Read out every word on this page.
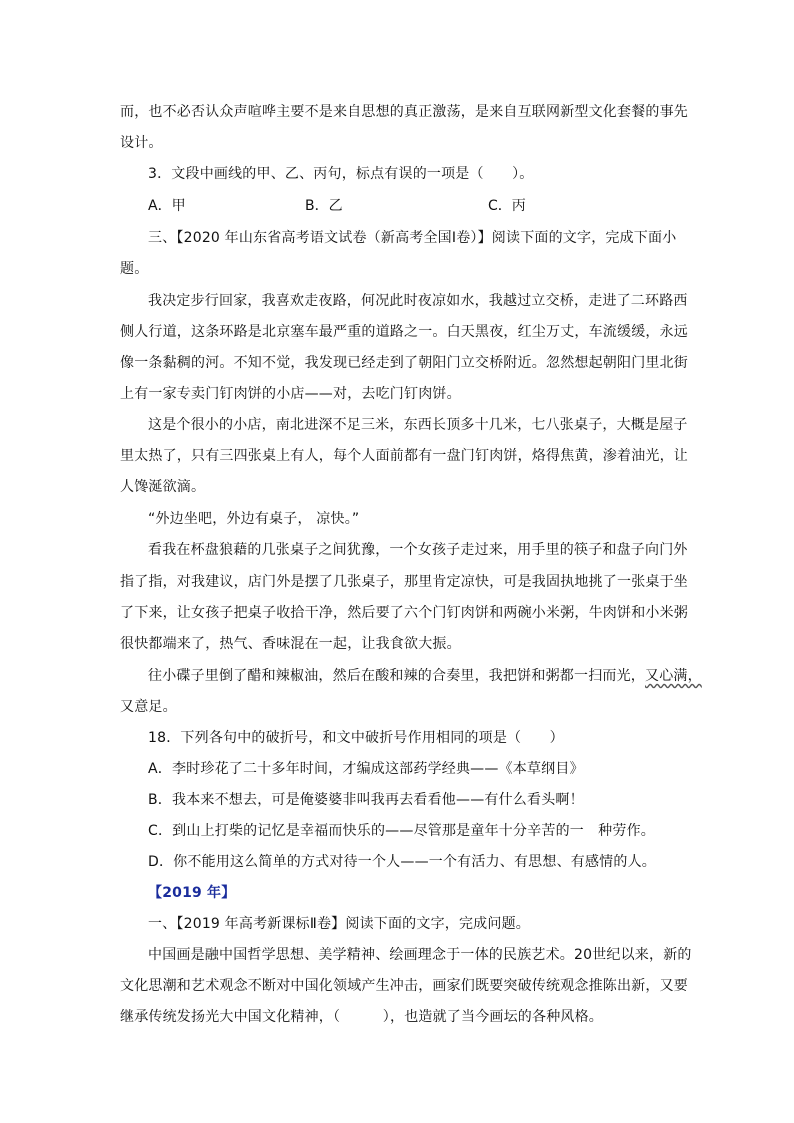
而，也不必否认众声喧哗主要不是来自思想的真正激荡，是来自互联网新型文化套餐的事先
设计。
3．文段中画线的甲、乙、丙句，标点有误的一项是（　　）。
A．甲	B．乙	C．丙
三、【2020 年山东省高考语文试卷（新高考全国Ⅰ卷）】阅读下面的文字，完成下面小
题。
我决定步行回家，我喜欢走夜路，何况此时夜凉如水，我越过立交桥，走进了二环路西
侧人行道，这条环路是北京塞车最严重的道路之一。白天黑夜，红尘万丈，车流缓缓，永远
像一条黏稠的河。不知不觉，我发现已经走到了朝阳门立交桥附近。忽然想起朝阳门里北街
上有一家专卖门钉肉饼的小店——对，去吃门钉肉饼。
这是个很小的小店，南北进深不足三米，东西长顶多十几米，七八张桌子，大概是屋子
里太热了，只有三四张桌上有人，每个人面前都有一盘门钉肉饼，烙得焦黄，渗着油光，让
人馋涎欲滴。
“外边坐吧，外边有桌子， 凉快。”
看我在杯盘狼藉的几张桌子之间犹豫，一个女孩子走过来，用手里的筷子和盘子向门外
指了指，对我建议，店门外是摆了几张桌子，那里肯定凉快，可是我固执地挑了一张桌于坐
了下来，让女孩子把桌子收拾干净，然后要了六个门钉肉饼和两碗小米粥，牛肉饼和小米粥
很快都端来了，热气、香味混在一起，让我食欲大振。
往小碟子里倒了醋和辣椒油，然后在酸和辣的合奏里，我把饼和粥都一扫而光，又心满，
又意足。
18．下列各句中的破折号，和文中破折号作用相同的项是（　　）
A．李时珍花了二十多年时间，才编成这部药学经典——《本草纲目》
B．我本来不想去，可是俺婆婆非叫我再去看看他——有什么看头啊！
C．到山上打柴的记忆是幸福而快乐的——尽管那是童年十分辛苦的一　种劳作。
D．你不能用这么简单的方式对待一个人——一个有活力、有思想、有感情的人。
【2019 年】
一、【2019 年高考新课标Ⅱ卷】阅读下面的文字，完成问题。
中国画是融中国哲学思想、美学精神、绘画理念于一体的民族艺术。20世纪以来，新的
文化思潮和艺术观念不断对中国化领域产生冲击，画家们既要突破传统观念推陈出新，又要
继承传统发扬光大中国文化精神，（　　　），也造就了当今画坛的各种风格。
